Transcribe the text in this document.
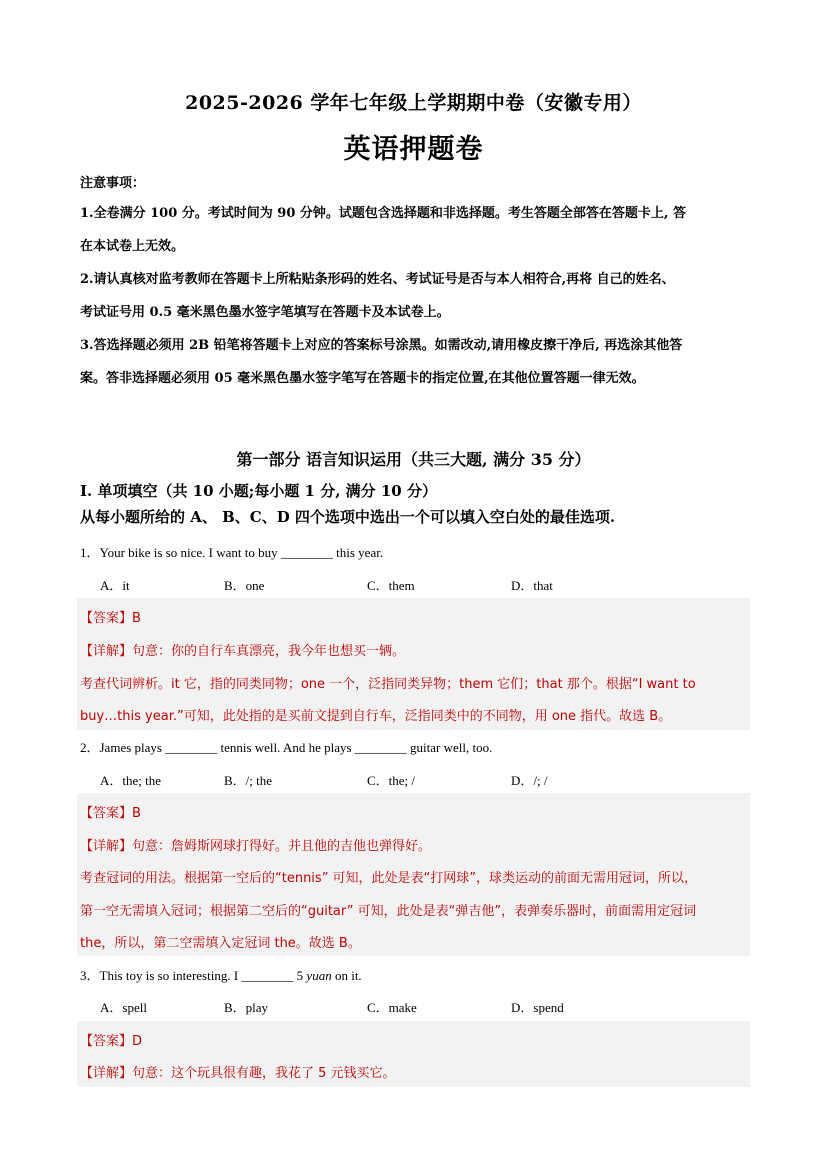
2025-2026 学年七年级上学期期中卷（安徽专用）
英语押题卷
注意事项：
1.全卷满分 100 分。考试时间为 90 分钟。试题包含选择题和非选择题。考生答题全部答在答题卡上, 答
在本试卷上无效。
2.请认真核对监考教师在答题卡上所粘贴条形码的姓名、考试证号是否与本人相符合,再将 自己的姓名、
考试证号用 0.5 毫米黑色墨水签字笔填写在答题卡及本试卷上。
3.答选择题必须用 2B 铅笔将答题卡上对应的答案标号涂黑。如需改动,请用橡皮擦干净后, 再选涂其他答
案。答非选择题必须用 05 毫米黑色墨水签字笔写在答题卡的指定位置,在其他位置答题一律无效。
第一部分 语言知识运用（共三大题, 满分 35 分）
I. 单项填空（共 10 小题;每小题 1 分, 满分 10 分）
从每小题所给的 A、 B、C、D 四个选项中选出一个可以填入空白处的最佳选项.
1．Your bike is so nice. I want to buy ________ this year.
A．it	B．one	C．them	D．that
【答案】B
【详解】句意：你的自行车真漂亮，我今年也想买一辆。
考查代词辨析。it 它，指的同类同物；one 一个，泛指同类异物；them 它们；that 那个。根据“I want to
buy…this year.”可知，此处指的是买前文提到自行车，泛指同类中的不同物，用 one 指代。故选 B。
2．James plays ________ tennis well. And he plays ________ guitar well, too.
A．the; the	B．/; the	C．the; /	D．/; /
【答案】B
【详解】句意：詹姆斯网球打得好。并且他的吉他也弹得好。
考查冠词的用法。根据第一空后的“tennis” 可知，此处是表“打网球”，球类运动的前面无需用冠词，所以，
第一空无需填入冠词；根据第二空后的“guitar” 可知，此处是表“弹吉他”，表弹奏乐器时，前面需用定冠词
the，所以，第二空需填入定冠词 the。故选 B。
3．This toy is so interesting. I ________ 5 yuan on it.
A．spell	B．play	C．make	D．spend
【答案】D
【详解】句意：这个玩具很有趣，我花了 5 元钱买它。
